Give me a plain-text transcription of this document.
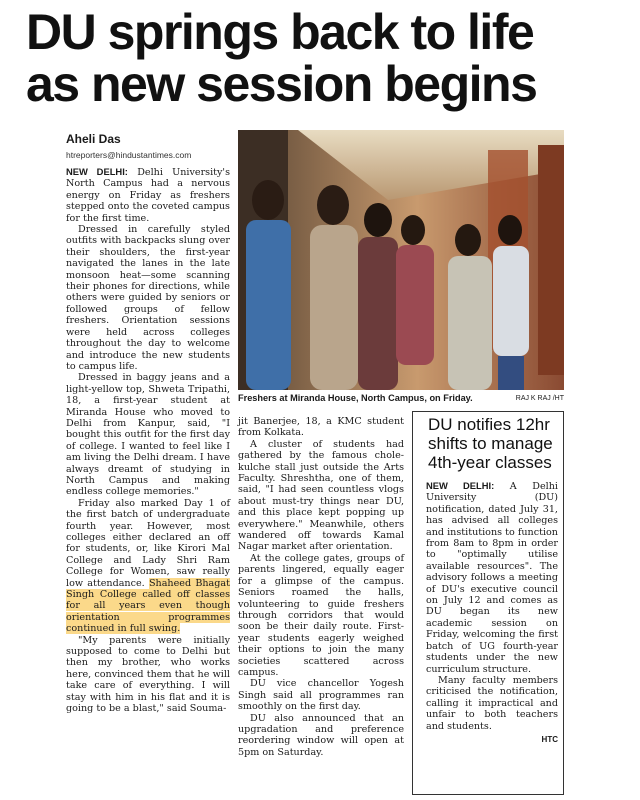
DU springs back to life
as new session begins
Aheli Das
htreporters@hindustantimes.com

NEW DELHI: Delhi University's North Campus had a nervous energy on Friday as freshers stepped onto the coveted campus for the first time.

Dressed in carefully styled outfits with backpacks slung over their shoulders, the first-year navigated the lanes in the late monsoon heat—some scanning their phones for directions, while others were guided by seniors or followed groups of fellow freshers. Orientation sessions were held across colleges throughout the day to welcome and introduce the new students to campus life.

Dressed in baggy jeans and a light-yellow top, Shweta Tripathi, 18, a first-year student at Miranda House who moved to Delhi from Kanpur, said, "I bought this outfit for the first day of college. I wanted to feel like I am living the Delhi dream. I have always dreamt of studying in North Campus and making endless college memories."

Friday also marked Day 1 of the first batch of undergraduate fourth year. However, most colleges either declared an off for students, or, like Kirori Mal College and Lady Shri Ram College for Women, saw really low attendance. Shaheed Bhagat Singh College called off classes for all years even though orientation programmes continued in full swing.

"My parents were initially supposed to come to Delhi but then my brother, who works here, convinced them that he will take care of everything. I will stay with him in his flat and it is going to be a blast," said Souma-

Freshers at Miranda House, North Campus, on Friday.	RAJ K RAJ /HT

jit Banerjee, 18, a KMC student from Kolkata.

A cluster of students had gathered by the famous chole-kulche stall just outside the Arts Faculty. Shreshtha, one of them, said, "I had seen countless vlogs about must-try things near DU, and this place kept popping up everywhere." Meanwhile, others wandered off towards Kamal Nagar market after orientation.

At the college gates, groups of parents lingered, equally eager for a glimpse of the campus. Seniors roamed the halls, volunteering to guide freshers through corridors that would soon be their daily route. First-year students eagerly weighed their options to join the many societies scattered across campus.

DU vice chancellor Yogesh Singh said all programmes ran smoothly on the first day.

DU also announced that an upgradation and preference reordering window will open at 5pm on Saturday.

DU notifies 12hr shifts to manage 4th-year classes

NEW DELHI: A Delhi University (DU) notification, dated July 31, has advised all colleges and institutions to function from 8am to 8pm in order to "optimally utilise available resources". The advisory follows a meeting of DU's executive council on July 12 and comes as DU began its new academic session on Friday, welcoming the first batch of UG fourth-year students under the new curriculum structure.

Many faculty members criticised the notification, calling it impractical and unfair to both teachers and students.

HTC
